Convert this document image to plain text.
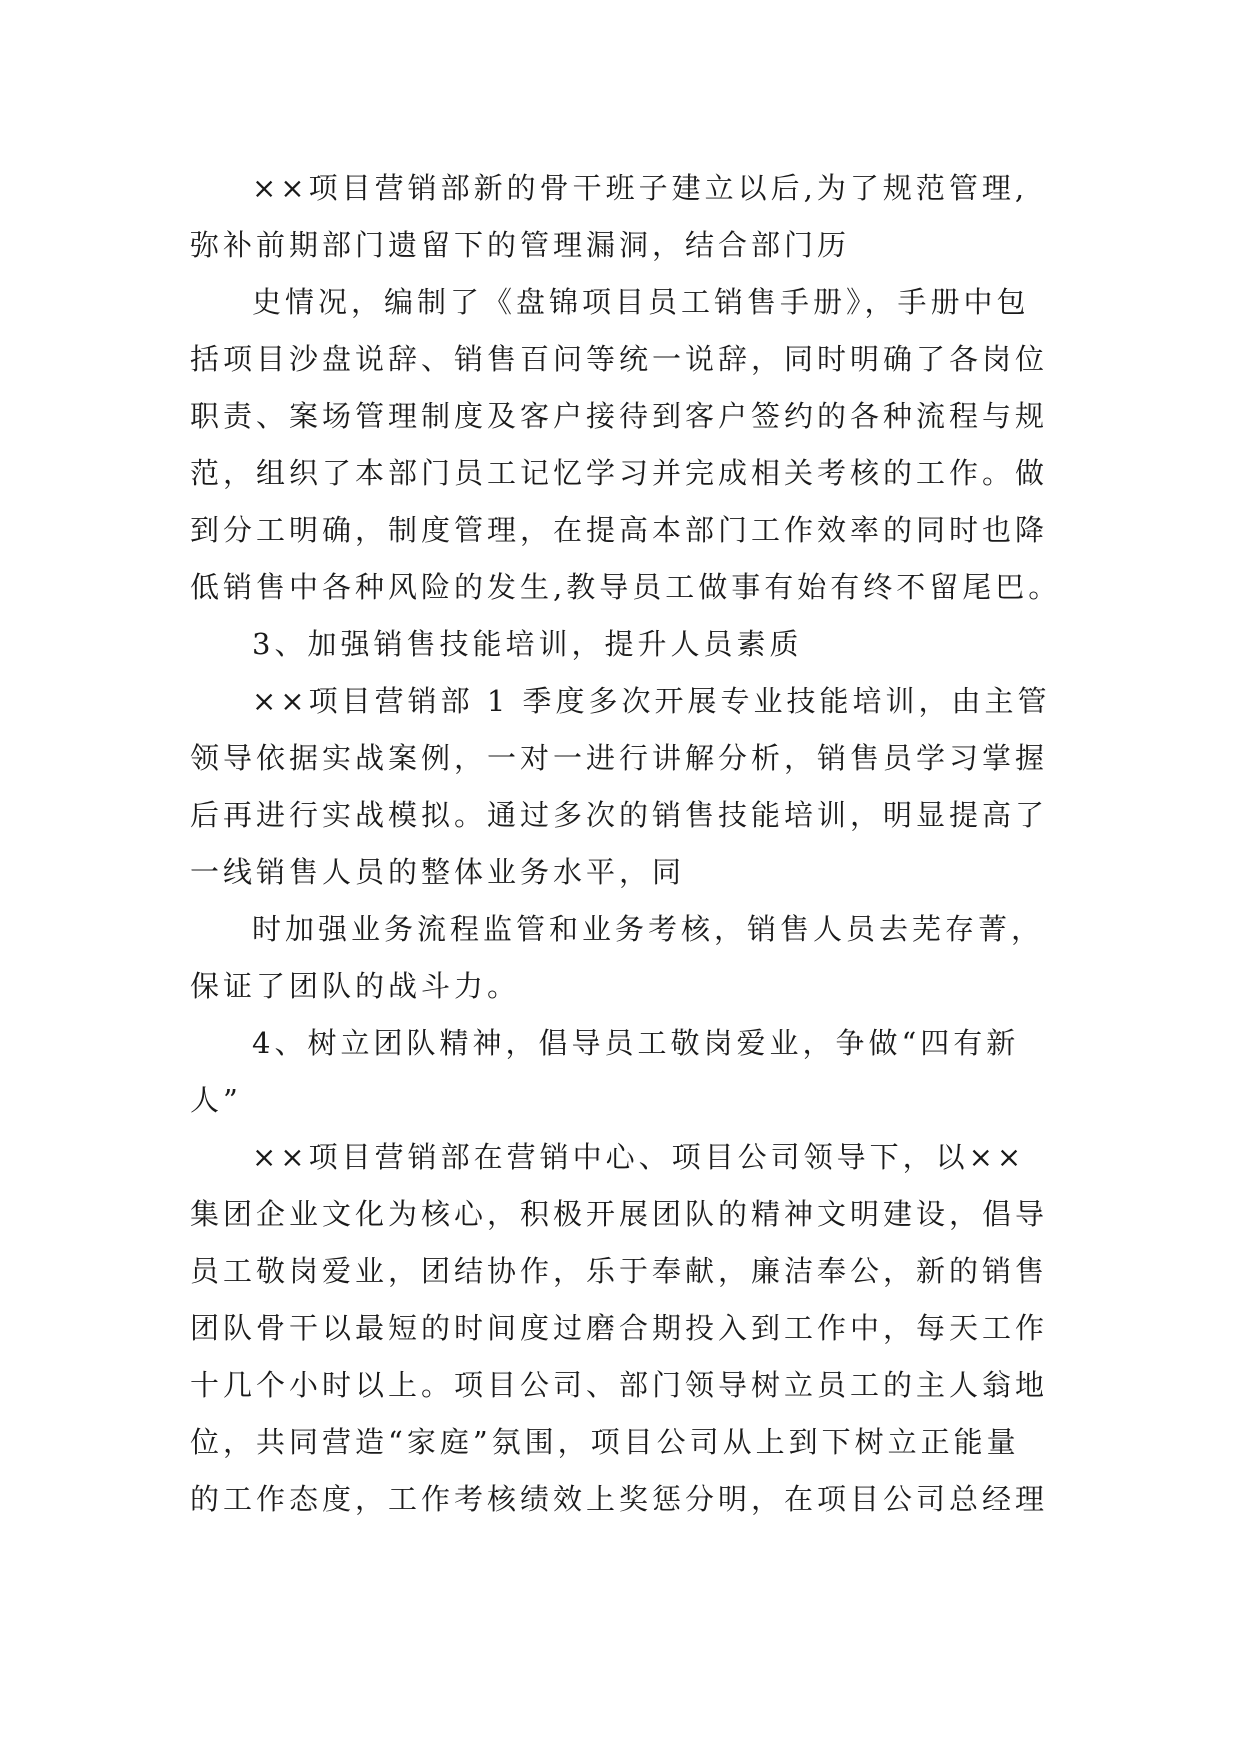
××项目营销部新的骨干班子建立以后,为了规范管理,
弥补前期部门遗留下的管理漏洞，结合部门历
史情况，编制了《盘锦项目员工销售手册》，手册中包
括项目沙盘说辞、销售百问等统一说辞，同时明确了各岗位
职责、案场管理制度及客户接待到客户签约的各种流程与规
范，组织了本部门员工记忆学习并完成相关考核的工作。做
到分工明确，制度管理，在提高本部门工作效率的同时也降
低销售中各种风险的发生,教导员工做事有始有终不留尾巴。
3、加强销售技能培训，提升人员素质
××项目营销部 1 季度多次开展专业技能培训，由主管
领导依据实战案例，一对一进行讲解分析，销售员学习掌握
后再进行实战模拟。通过多次的销售技能培训，明显提高了
一线销售人员的整体业务水平，同
时加强业务流程监管和业务考核，销售人员去芜存菁，
保证了团队的战斗力。
4、树立团队精神，倡导员工敬岗爱业，争做“四有新
人”
××项目营销部在营销中心、项目公司领导下，以××
集团企业文化为核心，积极开展团队的精神文明建设，倡导
员工敬岗爱业，团结协作，乐于奉献，廉洁奉公，新的销售
团队骨干以最短的时间度过磨合期投入到工作中，每天工作
十几个小时以上。项目公司、部门领导树立员工的主人翁地
位，共同营造“家庭”氛围，项目公司从上到下树立正能量
的工作态度，工作考核绩效上奖惩分明，在项目公司总经理
